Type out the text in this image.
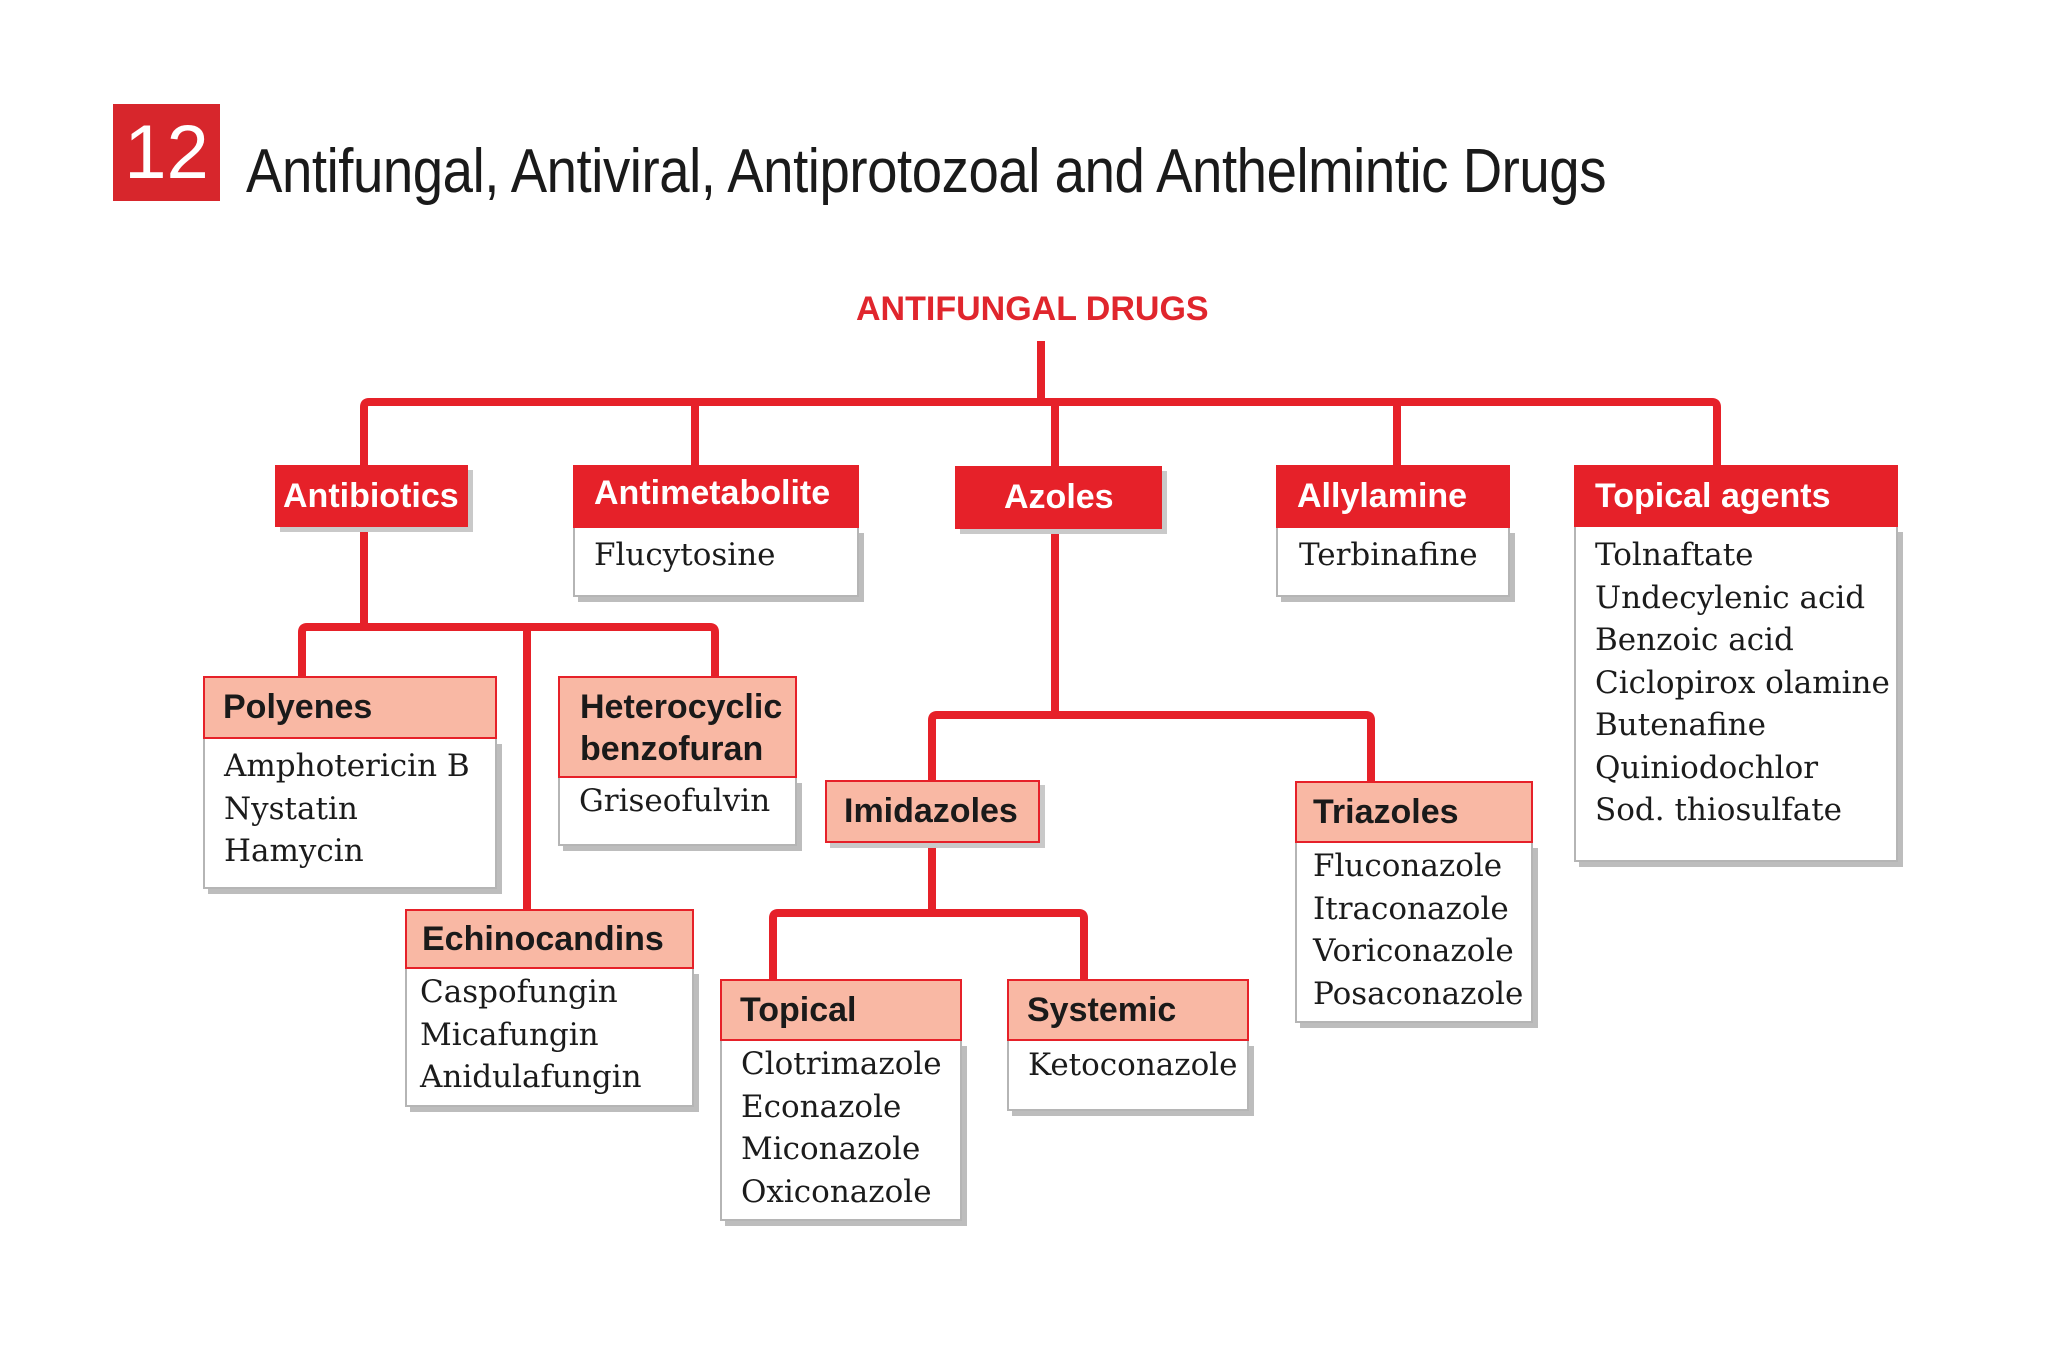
12 Antifungal, Antiviral, Antiprotozoal and Anthelmintic Drugs
ANTIFUNGAL DRUGS
Antibiotics	Antimetabolite
Flucytosine
Azoles	Allylamine
Terbinafine
Topical agents
Tolnaftate
Undecylenic acid
Benzoic acid
Ciclopirox olamine
Butenafine
Quiniodochlor
Sod. thiosulfate
Polyenes
Amphotericin B
Nystatin
Hamycin
Heterocyclic benzofuran
Griseofulvin
Echinocandins
Caspofungin
Micafungin
Anidulafungin
Imidazoles	Triazoles
Fluconazole
Itraconazole
Voriconazole
Posaconazole
Topical
Clotrimazole
Econazole
Miconazole
Oxiconazole
Systemic
Ketoconazole
